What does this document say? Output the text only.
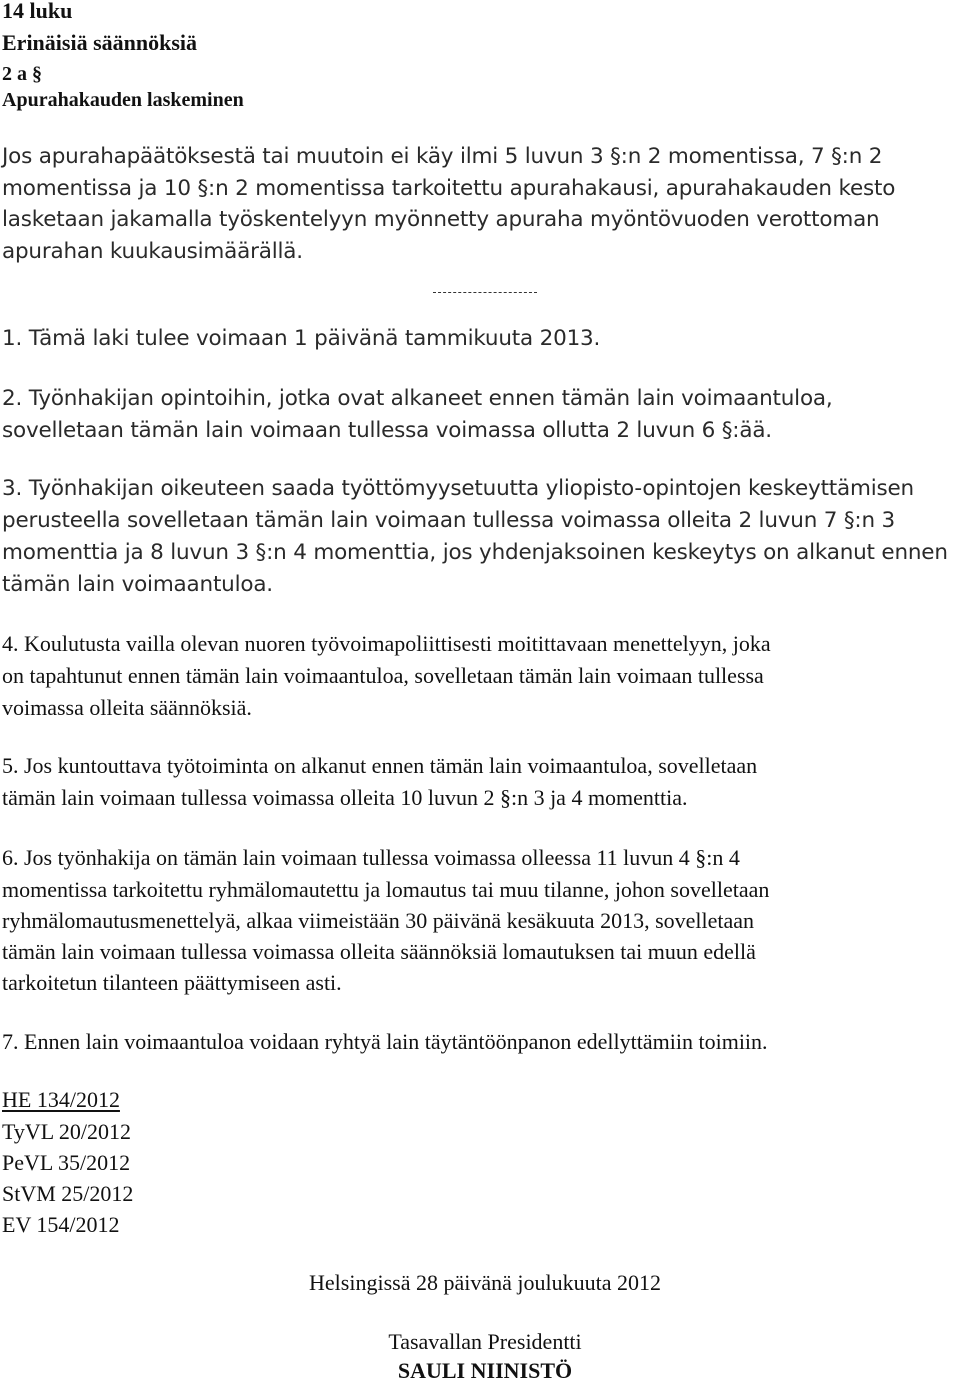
14 luku
Erinäisiä säännöksiä
2 a §
Apurahakauden laskeminen
Jos apurahapäätöksestä tai muutoin ei käy ilmi 5 luvun 3 §:n 2 momentissa, 7 §:n 2
momentissa ja 10 §:n 2 momentissa tarkoitettu apurahakausi, apurahakauden kesto
lasketaan jakamalla työskentelyyn myönnetty apuraha myöntövuoden verottoman
apurahan kuukausimäärällä.
1. Tämä laki tulee voimaan 1 päivänä tammikuuta 2013.
2. Työnhakijan opintoihin, jotka ovat alkaneet ennen tämän lain voimaantuloa,
sovelletaan tämän lain voimaan tullessa voimassa ollutta 2 luvun 6 §:ää.
3. Työnhakijan oikeuteen saada työttömyysetuutta yliopisto-opintojen keskeyttämisen
perusteella sovelletaan tämän lain voimaan tullessa voimassa olleita 2 luvun 7 §:n 3
momenttia ja 8 luvun 3 §:n 4 momenttia, jos yhdenjaksoinen keskeytys on alkanut ennen
tämän lain voimaantuloa.
4. Koulutusta vailla olevan nuoren työvoimapoliittisesti moitittavaan menettelyyn, joka
on tapahtunut ennen tämän lain voimaantuloa, sovelletaan tämän lain voimaan tullessa
voimassa olleita säännöksiä.
5. Jos kuntouttava työtoiminta on alkanut ennen tämän lain voimaantuloa, sovelletaan
tämän lain voimaan tullessa voimassa olleita 10 luvun 2 §:n 3 ja 4 momenttia.
6. Jos työnhakija on tämän lain voimaan tullessa voimassa olleessa 11 luvun 4 §:n 4
momentissa tarkoitettu ryhmälomautettu ja lomautus tai muu tilanne, johon sovelletaan
ryhmälomautusmenettelyä, alkaa viimeistään 30 päivänä kesäkuuta 2013, sovelletaan
tämän lain voimaan tullessa voimassa olleita säännöksiä lomautuksen tai muun edellä
tarkoitetun tilanteen päättymiseen asti.
7. Ennen lain voimaantuloa voidaan ryhtyä lain täytäntöönpanon edellyttämiin toimiin.
HE 134/2012
TyVL 20/2012
PeVL 35/2012
StVM 25/2012
EV 154/2012
Helsingissä 28 päivänä joulukuuta 2012
Tasavallan Presidentti
SAULI NIINISTÖ
